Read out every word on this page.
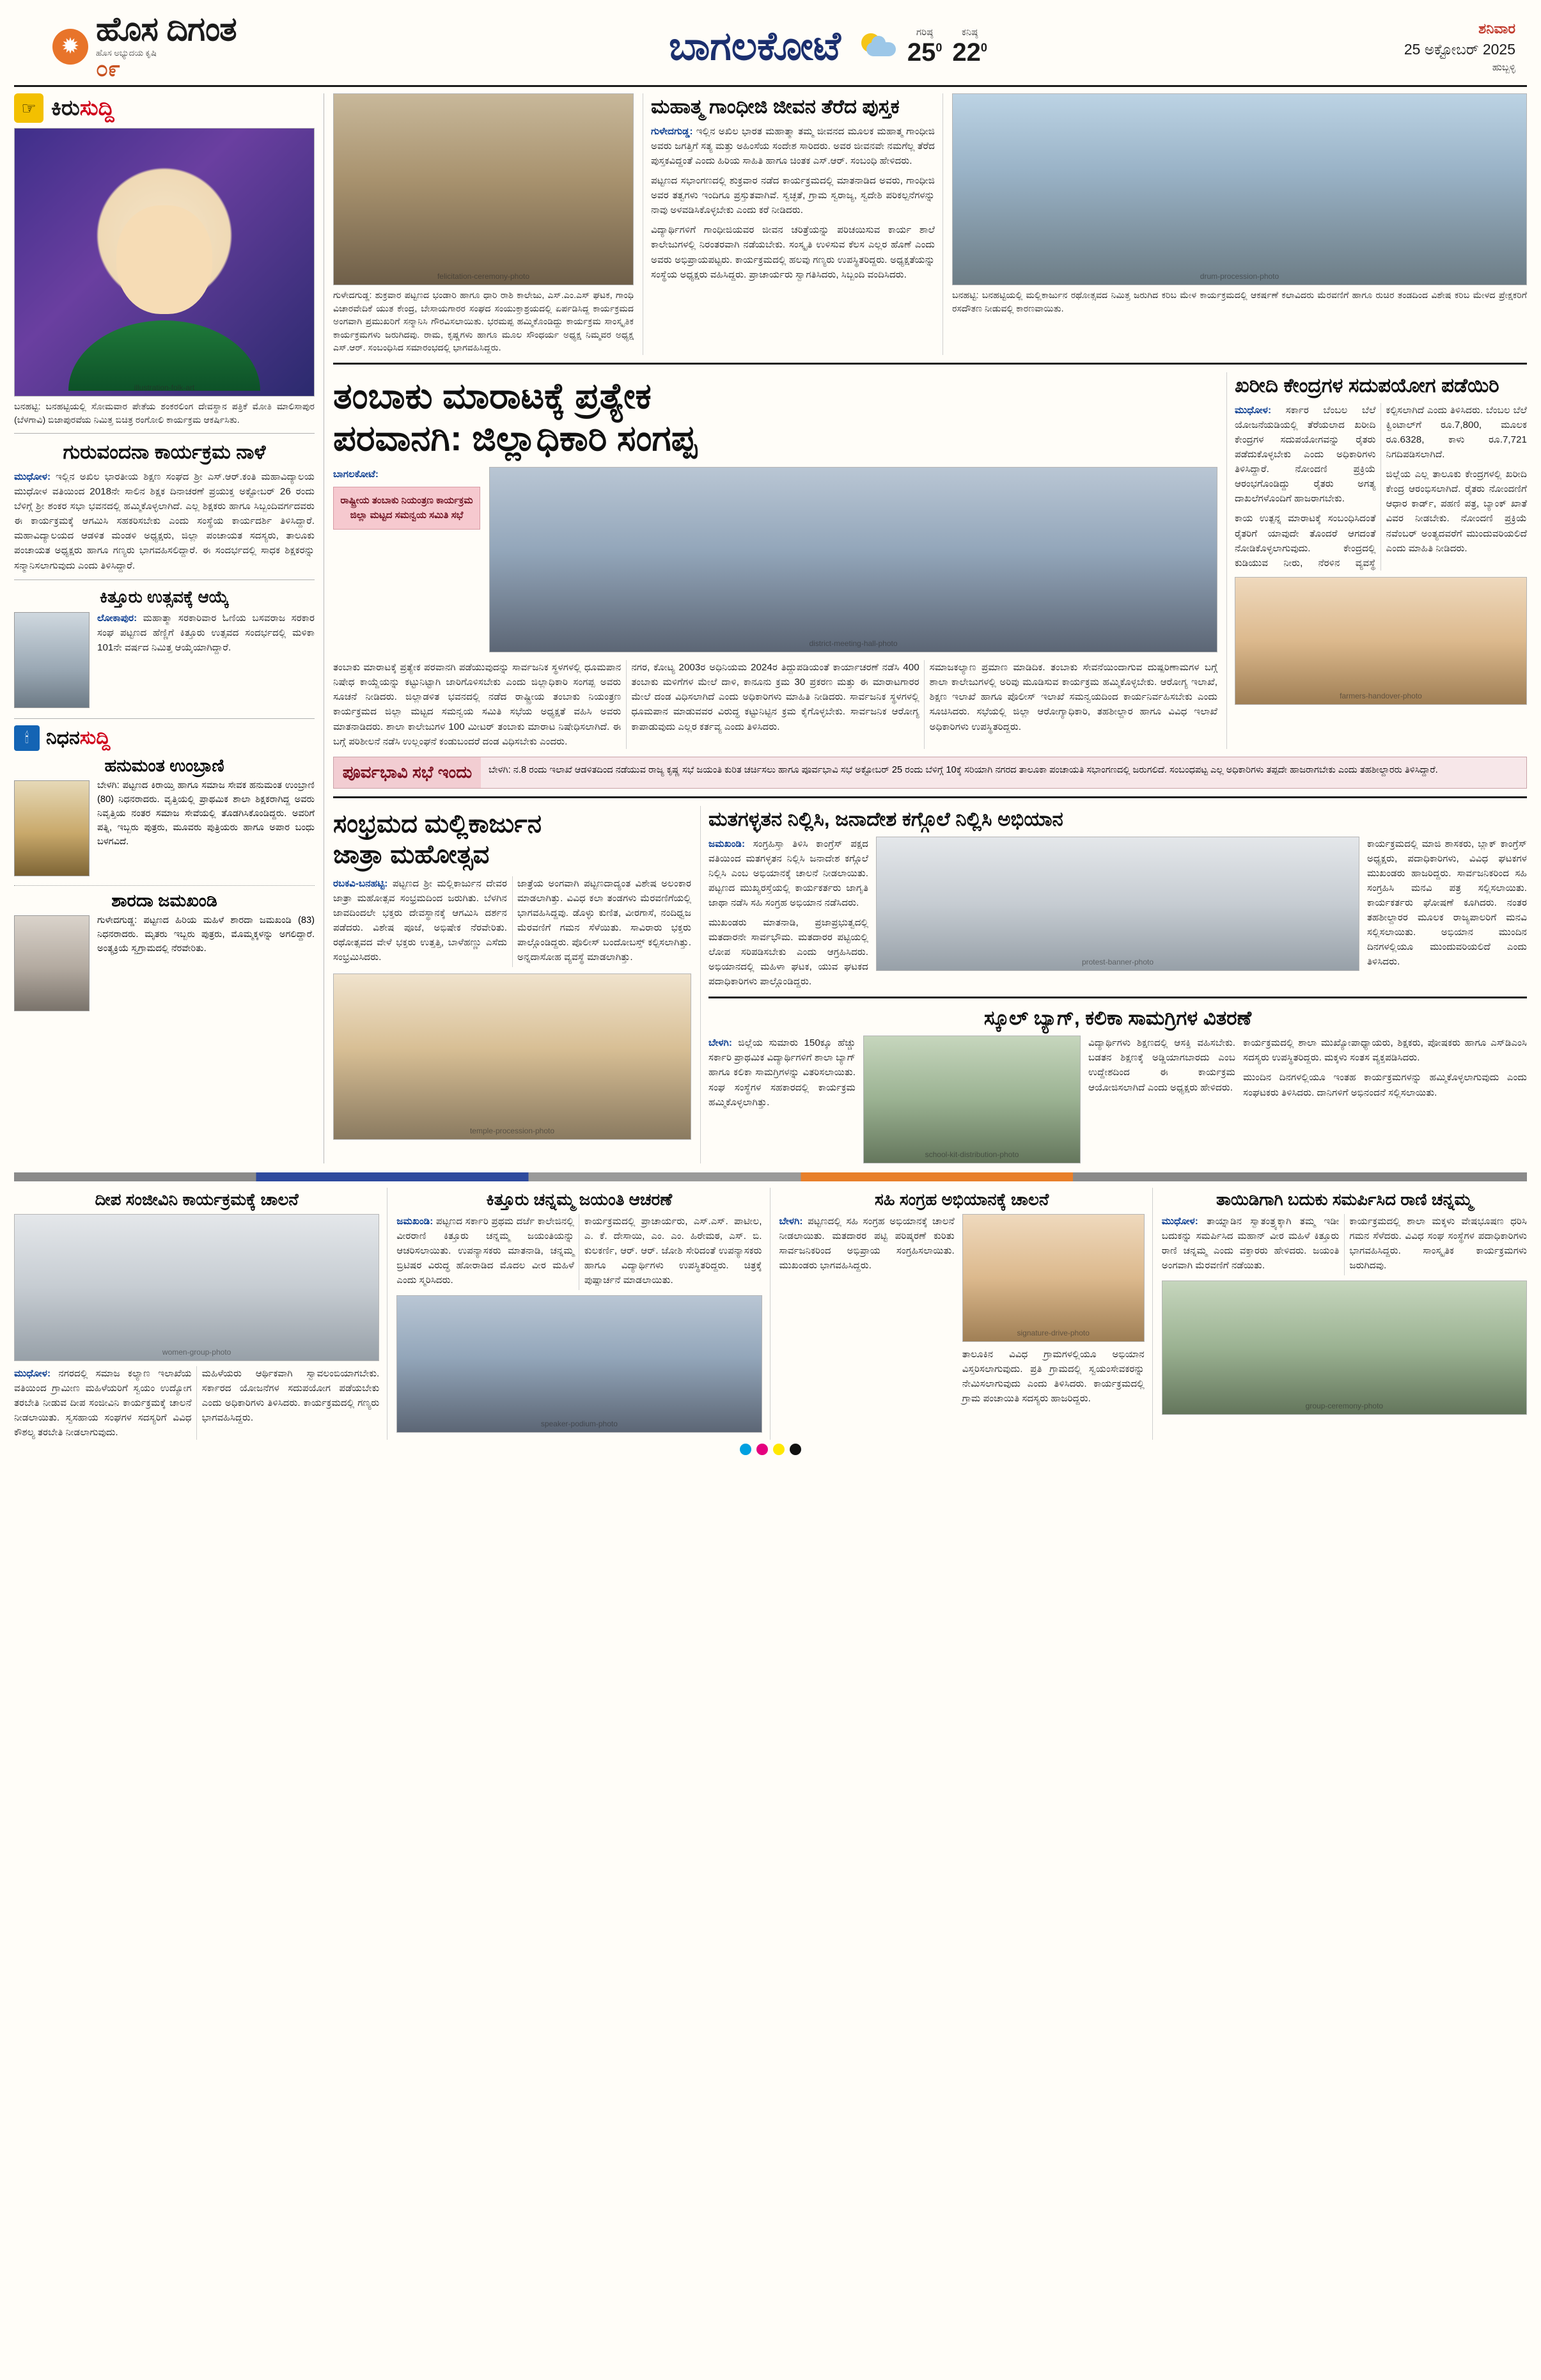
✹ ಹೊಸ ದಿಗಂತ
ಹೊಸ ಅಭ್ಯುದಯ ಕೃಷಿ
೦೯
ಬಾಗಲಕೋಟೆ	ಗರಿಷ್ಠ
$25^0$
ಕನಿಷ್ಠ
$22^0$
ಶನಿವಾರ
25 ಅಕ್ಟೋಬರ್ 2025
ಹುಬ್ಬಳ್ಳಿ
☞ ಕಿರುಸುದ್ದಿ
illustration-folk-art
ಬನಹಟ್ಟಿ: ಬನಹಟ್ಟಿಯಲ್ಲಿ ಸೋಮವಾರ ಪೇತೆಯ ಶಂಕರಲಿಂಗ ದೇವಸ್ಥಾನ ಪತ್ರಿಕೆ ಮೋತಿ ಮಾಲಿಸಾಪುರ (ಬೆಳಗಾವಿ) ಬಿಜಾಪುರವೆಯ ನಿಮಿತ್ತ ಬಿಚಿತ್ರ ರಂಗೋಲಿ ಕಾರ್ಯಕ್ರಮ ಆಕರ್ಷಿಸಿತು.
ಗುರುವಂದನಾ ಕಾರ್ಯಕ್ರಮ ನಾಳೆ
ಮುಧೋಳ: ಇಲ್ಲಿನ ಅಖಿಲ ಭಾರತೀಯ ಶಿಕ್ಷಣ ಸಂಘದ ಶ್ರೀ ಎಸ್.ಆರ್.ಕಂತಿ ಮಹಾವಿದ್ಯಾಲಯ ಮುಧೋಳ ವತಿಯಿಂದ 2018ನೇ ಸಾಲಿನ ಶಿಕ್ಷಕ ದಿನಾಚರಣೆ ಪ್ರಯುಕ್ತ ಅಕ್ಟೋಬರ್ 26 ರಂದು ಬೆಳಿಗ್ಗೆ ಶ್ರೀ ಶಂಕರ ಸಭಾ ಭವನದಲ್ಲಿ ಹಮ್ಮಿಕೊಳ್ಳಲಾಗಿದೆ. ಎಲ್ಲ ಶಿಕ್ಷಕರು ಹಾಗೂ ಸಿಬ್ಬಂದಿವರ್ಗದವರು ಈ ಕಾರ್ಯಕ್ರಮಕ್ಕೆ ಆಗಮಿಸಿ ಸಹಕರಿಸಬೇಕು ಎಂದು ಸಂಸ್ಥೆಯ ಕಾರ್ಯದರ್ಶಿ ತಿಳಿಸಿದ್ದಾರೆ. ಮಹಾವಿದ್ಯಾಲಯದ ಆಡಳಿತ ಮಂಡಳಿ ಅಧ್ಯಕ್ಷರು, ಜಿಲ್ಲಾ ಪಂಚಾಯತ ಸದಸ್ಯರು, ತಾಲೂಕು ಪಂಚಾಯತ ಅಧ್ಯಕ್ಷರು ಹಾಗೂ ಗಣ್ಯರು ಭಾಗವಹಿಸಲಿದ್ದಾರೆ. ಈ ಸಂದರ್ಭದಲ್ಲಿ ಸಾಧಕ ಶಿಕ್ಷಕರನ್ನು ಸನ್ಮಾನಿಸಲಾಗುವುದು ಎಂದು ತಿಳಿಸಿದ್ದಾರೆ.
ಕಿತ್ತೂರು ಉತ್ಸವಕ್ಕೆ ಆಯ್ಕೆ
ಲೋಕಾಪುರ: ಮಹಾತ್ಮಾ ಸರಕಾರಿವಾರ ಓಣಿಯ ಬಸವರಾಜ ಸರಕಾರ ಸಂಘ ಪಟ್ಟಣದ ಹೆಣ್ಣಿಗೆ ಕಿತ್ತೂರು ಉತ್ಸವದ ಸಂದರ್ಭದಲ್ಲಿ ಮಳಿಕಾ 101ನೇ ವರ್ಷದ ನಿಮಿತ್ತ ಆಯ್ಕೆಯಾಗಿದ್ದಾರೆ.
🕯 ನಿಧನಸುದ್ದಿ
ಹನುಮಂತ ಉಂಬ್ರಾಣಿ
ಬೇಳಗಿ: ಪಟ್ಟಣದ ಕಿರಾಯ್ತಿ ಹಾಗೂ ಸಮಾಜ ಸೇವಕ ಹನುಮಂತ ಉಂಬ್ರಾಣಿ (80) ನಿಧನರಾದರು. ವೃತ್ತಿಯಲ್ಲಿ ಪ್ರಾಥಮಿಕ ಶಾಲಾ ಶಿಕ್ಷಕರಾಗಿದ್ದ ಅವರು ನಿವೃತ್ತಿಯ ನಂತರ ಸಮಾಜ ಸೇವೆಯಲ್ಲಿ ತೊಡಗಿಸಿಕೊಂಡಿದ್ದರು. ಅವರಿಗೆ ಪತ್ನಿ, ಇಬ್ಬರು ಪುತ್ರರು, ಮೂವರು ಪುತ್ರಿಯರು ಹಾಗೂ ಅಪಾರ ಬಂಧು ಬಳಗವಿದೆ.
ಶಾರದಾ ಜಮಖಂಡಿ
ಗುಳೇದಗುಡ್ಡ: ಪಟ್ಟಣದ ಹಿರಿಯ ಮಹಿಳೆ ಶಾರದಾ ಜಮಖಂಡಿ (83) ನಿಧನರಾದರು. ಮೃತರು ಇಬ್ಬರು ಪುತ್ರರು, ಮೊಮ್ಮಕ್ಕಳನ್ನು ಅಗಲಿದ್ದಾರೆ. ಅಂತ್ಯಕ್ರಿಯೆ ಸ್ವಗ್ರಾಮದಲ್ಲಿ ನೆರವೇರಿತು.
felicitation-ceremony-photo
ಗುಳೇದಗುಡ್ಡ: ಶುಕ್ರವಾರ ಪಟ್ಟಣದ ಭಂಡಾರಿ ಹಾಗೂ ಧಾರಿ ರಾಶಿ ಕಾಲೇಜು, ಎಸ್.ಎಂ.ಎಸ್ ಘಟಕ, ಗಾಂಧಿ ವಿಚಾರವೇದಿಕೆ ಯುತ ಕೇಂದ್ರ, ಬೇಸಾಯಗಾರರ ಸಂಘದ ಸಂಯುಕ್ತಾಶ್ರಯದಲ್ಲಿ ಏರ್ಪಡಿಸಿದ್ದ ಕಾರ್ಯಕ್ರಮದ ಅಂಗವಾಗಿ ಪ್ರಮುಖರಿಗೆ ಸನ್ಮಾನಿಸಿ ಗೌರವಿಸಲಾಯಿತು. ಭರಮಪ್ಪ ಹಮ್ಮಿಕೊಂಡಿದ್ದು ಕಾರ್ಯಕ್ರಮ ಸಾಂಸ್ಕೃತಿಕ ಕಾರ್ಯಕ್ರಮಗಳು ಜರುಗಿದವು. ರಾಮ, ಕೃಷ್ಣಗಳು ಹಾಗೂ ಮೂಲ ಸೌಂಧರ್ಯ ಅಧ್ಯಕ್ಷ ನಿಮ್ಮವರ ಅಧ್ಯಕ್ಷ ಎಸ್.ಆರ್. ಸಂಬಂಧಿಸಿದ ಸಮಾರಂಭದಲ್ಲಿ ಭಾಗವಹಿಸಿದ್ದರು.
ಮಹಾತ್ಮ ಗಾಂಧೀಜಿ ಜೀವನ ತೆರೆದ ಪುಸ್ತಕ
ಗುಳೇದಗುಡ್ಡ: ಇಲ್ಲಿನ ಅಖಿಲ ಭಾರತ ಮಹಾತ್ಮಾ ತಮ್ಮ ಜೀವನದ ಮೂಲಕ ಮಹಾತ್ಮ ಗಾಂಧೀಜಿ ಅವರು ಜಗತ್ತಿಗೆ ಸತ್ಯ ಮತ್ತು ಅಹಿಂಸೆಯ ಸಂದೇಶ ಸಾರಿದರು. ಅವರ ಜೀವನವೇ ನಮಗೆಲ್ಲ ತೆರೆದ ಪುಸ್ತಕವಿದ್ದಂತೆ ಎಂದು ಹಿರಿಯ ಸಾಹಿತಿ ಹಾಗೂ ಚಿಂತಕ ಎಸ್.ಆರ್. ಸಂಬಂಧಿ ಹೇಳಿದರು.
ಪಟ್ಟಣದ ಸಭಾಂಗಣದಲ್ಲಿ ಶುಕ್ರವಾರ ನಡೆದ ಕಾರ್ಯಕ್ರಮದಲ್ಲಿ ಮಾತನಾಡಿದ ಅವರು, ಗಾಂಧೀಜಿ ಅವರ ತತ್ವಗಳು ಇಂದಿಗೂ ಪ್ರಸ್ತುತವಾಗಿವೆ. ಸ್ವಚ್ಛತೆ, ಗ್ರಾಮ ಸ್ವರಾಜ್ಯ, ಸ್ವದೇಶಿ ಪರಿಕಲ್ಪನೆಗಳನ್ನು ನಾವು ಅಳವಡಿಸಿಕೊಳ್ಳಬೇಕು ಎಂದು ಕರೆ ನೀಡಿದರು.
ವಿದ್ಯಾರ್ಥಿಗಳಿಗೆ ಗಾಂಧೀಜಿಯವರ ಜೀವನ ಚರಿತ್ರೆಯನ್ನು ಪರಿಚಯಿಸುವ ಕಾರ್ಯ ಶಾಲೆ ಕಾಲೇಜುಗಳಲ್ಲಿ ನಿರಂತರವಾಗಿ ನಡೆಯಬೇಕು. ಸಂಸ್ಕೃತಿ ಉಳಿಸುವ ಕೆಲಸ ಎಲ್ಲರ ಹೊಣೆ ಎಂದು ಅವರು ಅಭಿಪ್ರಾಯಪಟ್ಟರು. ಕಾರ್ಯಕ್ರಮದಲ್ಲಿ ಹಲವು ಗಣ್ಯರು ಉಪಸ್ಥಿತರಿದ್ದರು. ಅಧ್ಯಕ್ಷತೆಯನ್ನು ಸಂಸ್ಥೆಯ ಅಧ್ಯಕ್ಷರು ವಹಿಸಿದ್ದರು. ಪ್ರಾಚಾರ್ಯರು ಸ್ವಾಗತಿಸಿದರು, ಸಿಬ್ಬಂದಿ ವಂದಿಸಿದರು.	drum-procession-photo
ಬನಹಟ್ಟಿ: ಬನಹಟ್ಟಿಯಲ್ಲಿ ಮಲ್ಲಿಕಾರ್ಜುನ ರಥೋತ್ಸವದ ನಿಮಿತ್ತ ಜರುಗಿದ ಕರಿಬ ಮೇಳ ಕಾರ್ಯಕ್ರಮದಲ್ಲಿ ಆಕರ್ಷಣೆ ಕಲಾವಿದರು ಮೆರವಣಿಗೆ ಹಾಗೂ ರುಚಿರ ತಂಡದಿಂದ ವಿಶೇಷ ಕರಿಬ ಮೇಳದ ಪ್ರೇಕ್ಷಕರಿಗೆ ರಸದೌತಣ ನೀಡುವಲ್ಲಿ ಕಾರಣವಾಯಿತು.
ತಂಬಾಕು ಮಾರಾಟಕ್ಕೆ ಪ್ರತ್ಯೇಕ
ಪರವಾನಗಿ: ಜಿಲ್ಲಾಧಿಕಾರಿ ಸಂಗಪ್ಪ
ಬಾಗಲಕೋಟೆ:
ರಾಷ್ಟ್ರೀಯ ತಂಬಾಕು ನಿಯಂತ್ರಣ ಕಾರ್ಯಕ್ರಮ ಜಿಲ್ಲಾ ಮಟ್ಟದ ಸಮನ್ವಯ ಸಮಿತಿ ಸಭೆ
district-meeting-hall-photo
ತಂಬಾಕು ಮಾರಾಟಕ್ಕೆ ಪ್ರತ್ಯೇಕ ಪರವಾನಗಿ ಪಡೆಯುವುದನ್ನು ಸಾರ್ವಜನಿಕ ಸ್ಥಳಗಳಲ್ಲಿ ಧೂಮಪಾನ ನಿಷೇಧ ಕಾಯ್ದೆಯನ್ನು ಕಟ್ಟುನಿಟ್ಟಾಗಿ ಜಾರಿಗೊಳಿಸಬೇಕು ಎಂದು ಜಿಲ್ಲಾಧಿಕಾರಿ ಸಂಗಪ್ಪ ಅವರು ಸೂಚನೆ ನೀಡಿದರು. ಜಿಲ್ಲಾಡಳಿತ ಭವನದಲ್ಲಿ ನಡೆದ ರಾಷ್ಟ್ರೀಯ ತಂಬಾಕು ನಿಯಂತ್ರಣ ಕಾರ್ಯಕ್ರಮದ ಜಿಲ್ಲಾ ಮಟ್ಟದ ಸಮನ್ವಯ ಸಮಿತಿ ಸಭೆಯ ಅಧ್ಯಕ್ಷತೆ ವಹಿಸಿ ಅವರು ಮಾತನಾಡಿದರು. ಶಾಲಾ ಕಾಲೇಜುಗಳ 100 ಮೀಟರ್ ತಂಬಾಕು ಮಾರಾಟ ನಿಷೇಧಿಸಲಾಗಿದೆ. ಈ ಬಗ್ಗೆ ಪರಿಶೀಲನೆ ನಡೆಸಿ ಉಲ್ಲಂಘನೆ ಕಂಡುಬಂದರೆ ದಂಡ ವಿಧಿಸಬೇಕು ಎಂದರು.
ನಗರ, ಕೋಟ್ಯ 2003ರ ಅಧಿನಿಯಮ 2024ರ ತಿದ್ದುಪಡಿಯಂತೆ ಕಾರ್ಯಾಚರಣೆ ನಡೆಸಿ 400 ತಂಬಾಕು ಮಳಿಗೆಗಳ ಮೇಲೆ ದಾಳಿ, ಕಾನೂನು ಕ್ರಮ 30 ಪ್ರಕರಣ ಮತ್ತು ಈ ಮಾರಾಟಗಾರರ ಮೇಲೆ ದಂಡ ವಿಧಿಸಲಾಗಿದೆ ಎಂದು ಅಧಿಕಾರಿಗಳು ಮಾಹಿತಿ ನೀಡಿದರು. ಸಾರ್ವಜನಿಕ ಸ್ಥಳಗಳಲ್ಲಿ ಧೂಮಪಾನ ಮಾಡುವವರ ವಿರುದ್ಧ ಕಟ್ಟುನಿಟ್ಟಿನ ಕ್ರಮ ಕೈಗೊಳ್ಳಬೇಕು. ಸಾರ್ವಜನಿಕ ಆರೋಗ್ಯ ಕಾಪಾಡುವುದು ಎಲ್ಲರ ಕರ್ತವ್ಯ ಎಂದು ತಿಳಿಸಿದರು.
ಸಮಾಜಕಲ್ಯಾಣ ಪ್ರಮಾಣ ಮಾಡಿದಿಕ. ತಂಬಾಕು ಸೇವನೆಯಿಂದಾಗುವ ದುಷ್ಪರಿಣಾಮಗಳ ಬಗ್ಗೆ ಶಾಲಾ ಕಾಲೇಜುಗಳಲ್ಲಿ ಅರಿವು ಮೂಡಿಸುವ ಕಾರ್ಯಕ್ರಮ ಹಮ್ಮಿಕೊಳ್ಳಬೇಕು. ಆರೋಗ್ಯ ಇಲಾಖೆ, ಶಿಕ್ಷಣ ಇಲಾಖೆ ಹಾಗೂ ಪೊಲೀಸ್ ಇಲಾಖೆ ಸಮನ್ವಯದಿಂದ ಕಾರ್ಯನಿರ್ವಹಿಸಬೇಕು ಎಂದು ಸೂಚಿಸಿದರು. ಸಭೆಯಲ್ಲಿ ಜಿಲ್ಲಾ ಆರೋಗ್ಯಾಧಿಕಾರಿ, ತಹಶೀಲ್ದಾರ ಹಾಗೂ ವಿವಿಧ ಇಲಾಖೆ ಅಧಿಕಾರಿಗಳು ಉಪಸ್ಥಿತರಿದ್ದರು.
ಖರೀದಿ ಕೇಂದ್ರಗಳ ಸದುಪಯೋಗ ಪಡೆಯಿರಿ
ಮುಧೋಳ: ಸರ್ಕಾರ ಬೆಂಬಲ ಬೆಲೆ ಯೋಜನೆಯಡಿಯಲ್ಲಿ ತೆರೆಯಲಾದ ಖರೀದಿ ಕೇಂದ್ರಗಳ ಸದುಪಯೋಗವನ್ನು ರೈತರು ಪಡೆದುಕೊಳ್ಳಬೇಕು ಎಂದು ಅಧಿಕಾರಿಗಳು ತಿಳಿಸಿದ್ದಾರೆ. ನೋಂದಣಿ ಪ್ರಕ್ರಿಯೆ ಆರಂಭಗೊಂಡಿದ್ದು ರೈತರು ಅಗತ್ಯ ದಾಖಲೆಗಳೊಂದಿಗೆ ಹಾಜರಾಗಬೇಕು.
ಕಾಯ ಉತ್ಪನ್ನ ಮಾರಾಟಕ್ಕೆ ಸಂಬಂಧಿಸಿದಂತೆ ರೈತರಿಗೆ ಯಾವುದೇ ತೊಂದರೆ ಆಗದಂತೆ ನೋಡಿಕೊಳ್ಳಲಾಗುವುದು. ಕೇಂದ್ರದಲ್ಲಿ ಕುಡಿಯುವ ನೀರು, ನೆರಳಿನ ವ್ಯವಸ್ಥೆ ಕಲ್ಪಿಸಲಾಗಿದೆ ಎಂದು ತಿಳಿಸಿದರು. ಬೆಂಬಲ ಬೆಲೆ ಕ್ವಿಂಟಾಲ್‌ಗೆ ರೂ.7,800, ಮೂಲಕ ರೂ.6328, ಕಾಳು ರೂ.7,721 ನಿಗದಿಪಡಿಸಲಾಗಿದೆ.
ಜಿಲ್ಲೆಯ ಎಲ್ಲ ತಾಲೂಕು ಕೇಂದ್ರಗಳಲ್ಲಿ ಖರೀದಿ ಕೇಂದ್ರ ಆರಂಭಿಸಲಾಗಿದೆ. ರೈತರು ನೋಂದಣಿಗೆ ಆಧಾರ ಕಾರ್ಡ್, ಪಹಣಿ ಪತ್ರ, ಬ್ಯಾಂಕ್ ಖಾತೆ ವಿವರ ನೀಡಬೇಕು. ನೋಂದಣಿ ಪ್ರಕ್ರಿಯೆ ನವೆಂಬರ್ ಅಂತ್ಯದವರೆಗೆ ಮುಂದುವರಿಯಲಿದೆ ಎಂದು ಮಾಹಿತಿ ನೀಡಿದರು.
farmers-handover-photo
ಪೂರ್ವಭಾವಿ ಸಭೆ ಇಂದು	ಬೇಳಗಿ: ನ.8 ರಂದು ಇಲಾಖೆ ಆಡಳಿತದಿಂದ ನಡೆಯುವ ರಾಜ್ಯ ಕೃಷ್ಣ ಸಭೆ ಜಯಂತಿ ಕುರಿತ ಚರ್ಚಿಸಲು ಹಾಗೂ ಪೂರ್ವಭಾವಿ ಸಭೆ ಅಕ್ಟೋಬರ್ 25 ರಂದು ಬೆಳಿಗ್ಗೆ 10ಕ್ಕೆ ಸರಿಯಾಗಿ ನಗರದ ತಾಲೂಕಾ ಪಂಚಾಯತಿ ಸಭಾಂಗಣದಲ್ಲಿ ಜರುಗಲಿದೆ. ಸಂಬಂಧಪಟ್ಟ ಎಲ್ಲ ಅಧಿಕಾರಿಗಳು ತಪ್ಪದೇ ಹಾಜರಾಗಬೇಕು ಎಂದು ತಹಶೀಲ್ದಾರರು ತಿಳಿಸಿದ್ದಾರೆ.
ಸಂಭ್ರಮದ ಮಲ್ಲಿಕಾರ್ಜುನ
ಜಾತ್ರಾ ಮಹೋತ್ಸವ
ರಬಕವಿ-ಬನಹಟ್ಟಿ: ಪಟ್ಟಣದ ಶ್ರೀ ಮಲ್ಲಿಕಾರ್ಜುನ ದೇವರ ಜಾತ್ರಾ ಮಹೋತ್ಸವ ಸಂಭ್ರಮದಿಂದ ಜರುಗಿತು. ಬೆಳಗಿನ ಜಾವದಿಂದಲೇ ಭಕ್ತರು ದೇವಸ್ಥಾನಕ್ಕೆ ಆಗಮಿಸಿ ದರ್ಶನ ಪಡೆದರು. ವಿಶೇಷ ಪೂಜೆ, ಅಭಿಷೇಕ ನೆರವೇರಿತು. ರಥೋತ್ಸವದ ವೇಳೆ ಭಕ್ತರು ಉತ್ತತ್ತಿ, ಬಾಳೆಹಣ್ಣು ಎಸೆದು ಸಂಭ್ರಮಿಸಿದರು.
ಜಾತ್ರೆಯ ಅಂಗವಾಗಿ ಪಟ್ಟಣದಾದ್ಯಂತ ವಿಶೇಷ ಅಲಂಕಾರ ಮಾಡಲಾಗಿತ್ತು. ವಿವಿಧ ಕಲಾ ತಂಡಗಳು ಮೆರವಣಿಗೆಯಲ್ಲಿ ಭಾಗವಹಿಸಿದ್ದವು. ಡೊಳ್ಳು ಕುಣಿತ, ವೀರಗಾಸೆ, ನಂದಿಧ್ವಜ ಮೆರವಣಿಗೆ ಗಮನ ಸೆಳೆಯಿತು. ಸಾವಿರಾರು ಭಕ್ತರು ಪಾಲ್ಗೊಂಡಿದ್ದರು. ಪೊಲೀಸ್ ಬಂದೋಬಸ್ತ್ ಕಲ್ಪಿಸಲಾಗಿತ್ತು. ಅನ್ನದಾಸೋಹ ವ್ಯವಸ್ಥೆ ಮಾಡಲಾಗಿತ್ತು.
temple-procession-photo
ಮತಗಳ್ಳತನ ನಿಲ್ಲಿಸಿ, ಜನಾದೇಶ ಕಗ್ಗೊಲೆ ನಿಲ್ಲಿಸಿ ಅಭಿಯಾನ
ಜಮಖಂಡಿ: ಸಂಗ್ರಹಿಸ್ತಾ ತಿಳಿಸಿ ಕಾಂಗ್ರೆಸ್ ಪಕ್ಷದ ವತಿಯಿಂದ ಮತಗಳ್ಳತನ ನಿಲ್ಲಿಸಿ ಜನಾದೇಶ ಕಗ್ಗೊಲೆ ನಿಲ್ಲಿಸಿ ಎಂಬ ಅಭಿಯಾನಕ್ಕೆ ಚಾಲನೆ ನೀಡಲಾಯಿತು. ಪಟ್ಟಣದ ಮುಖ್ಯರಸ್ತೆಯಲ್ಲಿ ಕಾರ್ಯಕರ್ತರು ಜಾಗೃತಿ ಜಾಥಾ ನಡೆಸಿ ಸಹಿ ಸಂಗ್ರಹ ಅಭಿಯಾನ ನಡೆಸಿದರು.
ಮುಖಂಡರು ಮಾತನಾಡಿ, ಪ್ರಜಾಪ್ರಭುತ್ವದಲ್ಲಿ ಮತದಾರನೇ ಸಾರ್ವಭೌಮ. ಮತದಾರರ ಪಟ್ಟಿಯಲ್ಲಿ ಲೋಪ ಸರಿಪಡಿಸಬೇಕು ಎಂದು ಆಗ್ರಹಿಸಿದರು. ಅಭಿಯಾನದಲ್ಲಿ ಮಹಿಳಾ ಘಟಕ, ಯುವ ಘಟಕದ ಪದಾಧಿಕಾರಿಗಳು ಪಾಲ್ಗೊಂಡಿದ್ದರು.
protest-banner-photo
ಕಾರ್ಯಕ್ರಮದಲ್ಲಿ ಮಾಜಿ ಶಾಸಕರು, ಬ್ಲಾಕ್ ಕಾಂಗ್ರೆಸ್ ಅಧ್ಯಕ್ಷರು, ಪದಾಧಿಕಾರಿಗಳು, ವಿವಿಧ ಘಟಕಗಳ ಮುಖಂಡರು ಹಾಜರಿದ್ದರು. ಸಾರ್ವಜನಿಕರಿಂದ ಸಹಿ ಸಂಗ್ರಹಿಸಿ ಮನವಿ ಪತ್ರ ಸಲ್ಲಿಸಲಾಯಿತು. ಕಾರ್ಯಕರ್ತರು ಘೋಷಣೆ ಕೂಗಿದರು. ನಂತರ ತಹಶೀಲ್ದಾರರ ಮೂಲಕ ರಾಜ್ಯಪಾಲರಿಗೆ ಮನವಿ ಸಲ್ಲಿಸಲಾಯಿತು. ಅಭಿಯಾನ ಮುಂದಿನ ದಿನಗಳಲ್ಲಿಯೂ ಮುಂದುವರಿಯಲಿದೆ ಎಂದು ತಿಳಿಸಿದರು.
ಸ್ಕೂಲ್ ಬ್ಯಾಗ್, ಕಲಿಕಾ ಸಾಮಗ್ರಿಗಳ ವಿತರಣೆ
ಬೇಳಗಿ: ಜಿಲ್ಲೆಯ ಸುಮಾರು 150ಕ್ಕೂ ಹೆಚ್ಚು ಸರ್ಕಾರಿ ಪ್ರಾಥಮಿಕ ವಿದ್ಯಾರ್ಥಿಗಳಿಗೆ ಶಾಲಾ ಬ್ಯಾಗ್ ಹಾಗೂ ಕಲಿಕಾ ಸಾಮಗ್ರಿಗಳನ್ನು ವಿತರಿಸಲಾಯಿತು. ಸಂಘ ಸಂಸ್ಥೆಗಳ ಸಹಕಾರದಲ್ಲಿ ಕಾರ್ಯಕ್ರಮ ಹಮ್ಮಿಕೊಳ್ಳಲಾಗಿತ್ತು.
school-kit-distribution-photo
ವಿದ್ಯಾರ್ಥಿಗಳು ಶಿಕ್ಷಣದಲ್ಲಿ ಆಸಕ್ತಿ ವಹಿಸಬೇಕು. ಬಡತನ ಶಿಕ್ಷಣಕ್ಕೆ ಅಡ್ಡಿಯಾಗಬಾರದು ಎಂಬ ಉದ್ದೇಶದಿಂದ ಈ ಕಾರ್ಯಕ್ರಮ ಆಯೋಜಿಸಲಾಗಿದೆ ಎಂದು ಅಧ್ಯಕ್ಷರು ಹೇಳಿದರು.
ಕಾರ್ಯಕ್ರಮದಲ್ಲಿ ಶಾಲಾ ಮುಖ್ಯೋಪಾಧ್ಯಾಯರು, ಶಿಕ್ಷಕರು, ಪೋಷಕರು ಹಾಗೂ ಎಸ್‌ಡಿಎಂಸಿ ಸದಸ್ಯರು ಉಪಸ್ಥಿತರಿದ್ದರು. ಮಕ್ಕಳು ಸಂತಸ ವ್ಯಕ್ತಪಡಿಸಿದರು.
ಮುಂದಿನ ದಿನಗಳಲ್ಲಿಯೂ ಇಂತಹ ಕಾರ್ಯಕ್ರಮಗಳನ್ನು ಹಮ್ಮಿಕೊಳ್ಳಲಾಗುವುದು ಎಂದು ಸಂಘಟಕರು ತಿಳಿಸಿದರು. ದಾನಿಗಳಿಗೆ ಅಭಿನಂದನೆ ಸಲ್ಲಿಸಲಾಯಿತು.
ದೀಪ ಸಂಜೀವಿನಿ ಕಾರ್ಯಕ್ರಮಕ್ಕೆ ಚಾಲನೆ
women-group-photo
ಮುಧೋಳ: ನಗರದಲ್ಲಿ ಸಮಾಜ ಕಲ್ಯಾಣ ಇಲಾಖೆಯ ವತಿಯಿಂದ ಗ್ರಾಮೀಣ ಮಹಿಳೆಯರಿಗೆ ಸ್ವಯಂ ಉದ್ಯೋಗ ತರಬೇತಿ ನೀಡುವ ದೀಪ ಸಂಜೀವಿನಿ ಕಾರ್ಯಕ್ರಮಕ್ಕೆ ಚಾಲನೆ ನೀಡಲಾಯಿತು. ಸ್ವಸಹಾಯ ಸಂಘಗಳ ಸದಸ್ಯರಿಗೆ ವಿವಿಧ ಕೌಶಲ್ಯ ತರಬೇತಿ ನೀಡಲಾಗುವುದು.
ಮಹಿಳೆಯರು ಆರ್ಥಿಕವಾಗಿ ಸ್ವಾವಲಂಬಿಯಾಗಬೇಕು. ಸರ್ಕಾರದ ಯೋಜನೆಗಳ ಸದುಪಯೋಗ ಪಡೆಯಬೇಕು ಎಂದು ಅಧಿಕಾರಿಗಳು ತಿಳಿಸಿದರು. ಕಾರ್ಯಕ್ರಮದಲ್ಲಿ ಗಣ್ಯರು ಭಾಗವಹಿಸಿದ್ದರು.
ಕಿತ್ತೂರು ಚನ್ನಮ್ಮ ಜಯಂತಿ ಆಚರಣೆ
ಜಮಖಂಡಿ: ಪಟ್ಟಣದ ಸರ್ಕಾರಿ ಪ್ರಥಮ ದರ್ಜೆ ಕಾಲೇಜಿನಲ್ಲಿ ವೀರರಾಣಿ ಕಿತ್ತೂರು ಚನ್ನಮ್ಮ ಜಯಂತಿಯನ್ನು ಆಚರಿಸಲಾಯಿತು. ಉಪನ್ಯಾಸಕರು ಮಾತನಾಡಿ, ಚನ್ನಮ್ಮ ಬ್ರಿಟಿಷರ ವಿರುದ್ಧ ಹೋರಾಡಿದ ಮೊದಲ ವೀರ ಮಹಿಳೆ ಎಂದು ಸ್ಮರಿಸಿದರು.
ಕಾರ್ಯಕ್ರಮದಲ್ಲಿ ಪ್ರಾಚಾರ್ಯರು, ಎಸ್.ಎಸ್. ಪಾಟೀಲ, ಎ. ಕೆ. ದೇಸಾಯಿ, ಎಂ. ಎಂ. ಹಿರೇಮಠ, ಎಸ್. ಬಿ. ಕುಲಕರ್ಣಿ, ಆರ್. ಆರ್. ಜೋಶಿ ಸೇರಿದಂತೆ ಉಪನ್ಯಾಸಕರು ಹಾಗೂ ವಿದ್ಯಾರ್ಥಿಗಳು ಉಪಸ್ಥಿತರಿದ್ದರು. ಚಿತ್ರಕ್ಕೆ ಪುಷ್ಪಾರ್ಚನೆ ಮಾಡಲಾಯಿತು.
speaker-podium-photo
ಸಹಿ ಸಂಗ್ರಹ ಅಭಿಯಾನಕ್ಕೆ ಚಾಲನೆ
ಬೇಳಗಿ: ಪಟ್ಟಣದಲ್ಲಿ ಸಹಿ ಸಂಗ್ರಹ ಅಭಿಯಾನಕ್ಕೆ ಚಾಲನೆ ನೀಡಲಾಯಿತು. ಮತದಾರರ ಪಟ್ಟಿ ಪರಿಷ್ಕರಣೆ ಕುರಿತು ಸಾರ್ವಜನಿಕರಿಂದ ಅಭಿಪ್ರಾಯ ಸಂಗ್ರಹಿಸಲಾಯಿತು. ಮುಖಂಡರು ಭಾಗವಹಿಸಿದ್ದರು.
signature-drive-photo
ತಾಲೂಕಿನ ವಿವಿಧ ಗ್ರಾಮಗಳಲ್ಲಿಯೂ ಅಭಿಯಾನ ವಿಸ್ತರಿಸಲಾಗುವುದು. ಪ್ರತಿ ಗ್ರಾಮದಲ್ಲಿ ಸ್ವಯಂಸೇವಕರನ್ನು ನೇಮಿಸಲಾಗುವುದು ಎಂದು ತಿಳಿಸಿದರು. ಕಾರ್ಯಕ್ರಮದಲ್ಲಿ ಗ್ರಾಮ ಪಂಚಾಯಿತಿ ಸದಸ್ಯರು ಹಾಜರಿದ್ದರು.
ತಾಯಿಡಿಗಾಗಿ ಬದುಕು ಸಮರ್ಪಿಸಿದ ರಾಣಿ ಚನ್ನಮ್ಮ
ಮುಧೋಳ: ತಾಯ್ನಾಡಿನ ಸ್ವಾತಂತ್ರ್ಯಕ್ಕಾಗಿ ತಮ್ಮ ಇಡೀ ಬದುಕನ್ನು ಸಮರ್ಪಿಸಿದ ಮಹಾನ್ ವೀರ ಮಹಿಳೆ ಕಿತ್ತೂರು ರಾಣಿ ಚನ್ನಮ್ಮ ಎಂದು ವಕ್ತಾರರು ಹೇಳಿದರು. ಜಯಂತಿ ಅಂಗವಾಗಿ ಮೆರವಣಿಗೆ ನಡೆಯಿತು.
ಕಾರ್ಯಕ್ರಮದಲ್ಲಿ ಶಾಲಾ ಮಕ್ಕಳು ವೇಷಭೂಷಣ ಧರಿಸಿ ಗಮನ ಸೆಳೆದರು. ವಿವಿಧ ಸಂಘ ಸಂಸ್ಥೆಗಳ ಪದಾಧಿಕಾರಿಗಳು ಭಾಗವಹಿಸಿದ್ದರು. ಸಾಂಸ್ಕೃತಿಕ ಕಾರ್ಯಕ್ರಮಗಳು ಜರುಗಿದವು.
group-ceremony-photo
